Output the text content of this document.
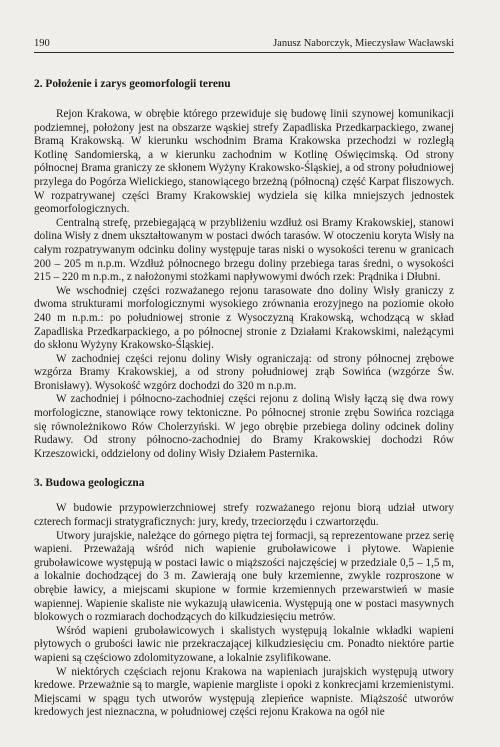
190	Janusz Naborczyk, Mieczysław Wacławski
2. Położenie i zarys geomorfologii terenu

Rejon Krakowa, w obrębie którego przewiduje się budowę linii szynowej komunikacji podziemnej, położony jest na obszarze wąskiej strefy Zapadliska Przedkarpackiego, zwanej Bramą Krakowską. W kierunku wschodnim Brama Krakowska przechodzi w rozległą Kotlinę Sandomierską, a w kierunku zachodnim w Kotlinę Oświęcimską. Od strony północnej Brama graniczy ze skłonem Wyżyny Krakowsko-Śląskiej, a od strony południowej przylega do Pogórza Wielickiego, stanowiącego brzeżną (północną) część Karpat fliszowych. W rozpatrywanej części Bramy Krakowskiej wydziela się kilka mniejszych jednostek geomorfologicznych.

Centralną strefę, przebiegającą w przybliżeniu wzdłuż osi Bramy Krakowskiej, stanowi dolina Wisły z dnem ukształtowanym w postaci dwóch tarasów. W otoczeniu koryta Wisły na całym rozpatrywanym odcinku doliny występuje taras niski o wysokości terenu w granicach 200 – 205 m n.p.m. Wzdłuż północnego brzegu doliny przebiega taras średni, o wysokości 215 – 220 m n.p.m., z nałożonymi stożkami napływowymi dwóch rzek: Prądnika i Dłubni.

We wschodniej części rozważanego rejonu tarasowate dno doliny Wisły graniczy z dwoma strukturami morfologicznymi wysokiego zrównania erozyjnego na poziomie około 240 m n.p.m.: po południowej stronie z Wysoczyzną Krakowską, wchodzącą w skład Zapadliska Przedkarpackiego, a po północnej stronie z Działami Krakowskimi, należącymi do skłonu Wyżyny Krakowsko-Śląskiej.

W zachodniej części rejonu doliny Wisły ograniczają: od strony północnej zrębowe wzgórza Bramy Krakowskiej, a od strony południowej zrąb Sowińca (wzgórze Św. Bronisławy). Wysokość wzgórz dochodzi do 320 m n.p.m.

W zachodniej i północno-zachodniej części rejonu z doliną Wisły łączą się dwa rowy morfologiczne, stanowiące rowy tektoniczne. Po północnej stronie zrębu Sowińca rozciąga się równoleżnikowo Rów Cholerzyński. W jego obrębie przebiega doliny odcinek doliny Rudawy. Od strony północno-zachodniej do Bramy Krakowskiej dochodzi Rów Krzeszowicki, oddzielony od doliny Wisły Działem Pasternika.

3. Budowa geologiczna

W budowie przypowierzchniowej strefy rozważanego rejonu biorą udział utwory czterech formacji stratygraficznych: jury, kredy, trzeciorzędu i czwartorzędu.

Utwory jurajskie, należące do górnego piętra tej formacji, są reprezentowane przez serię wapieni. Przeważają wśród nich wapienie gruboławicowe i płytowe. Wapienie gruboławicowe występują w postaci ławic o miąższości najczęściej w przedziale 0,5 – 1,5 m, a lokalnie dochodzącej do 3 m. Zawierają one buły krzemienne, zwykle rozproszone w obrębie ławicy, a miejscami skupione w formie krzemiennych przewarstwień w masie wapiennej. Wapienie skaliste nie wykazują uławicenia. Występują one w postaci masywnych blokowych o rozmiarach dochodzących do kilkudziesięciu metrów.

Wśród wapieni gruboławicowych i skalistych występują lokalnie wkładki wapieni płytowych o grubości ławic nie przekraczającej kilkudziesięciu cm. Ponadto niektóre partie wapieni są częściowo zdolomityzowane, a lokalnie zsylifikowane.

W niektórych częściach rejonu Krakowa na wapieniach jurajskich występują utwory kredowe. Przeważnie są to margle, wapienie margliste i opoki z konkrecjami krzemienistymi. Miejscami w spągu tych utworów występują zlepieńce wapniste. Miąższość utworów kredowych jest nieznaczna, w południowej części rejonu Krakowa na ogół nie
